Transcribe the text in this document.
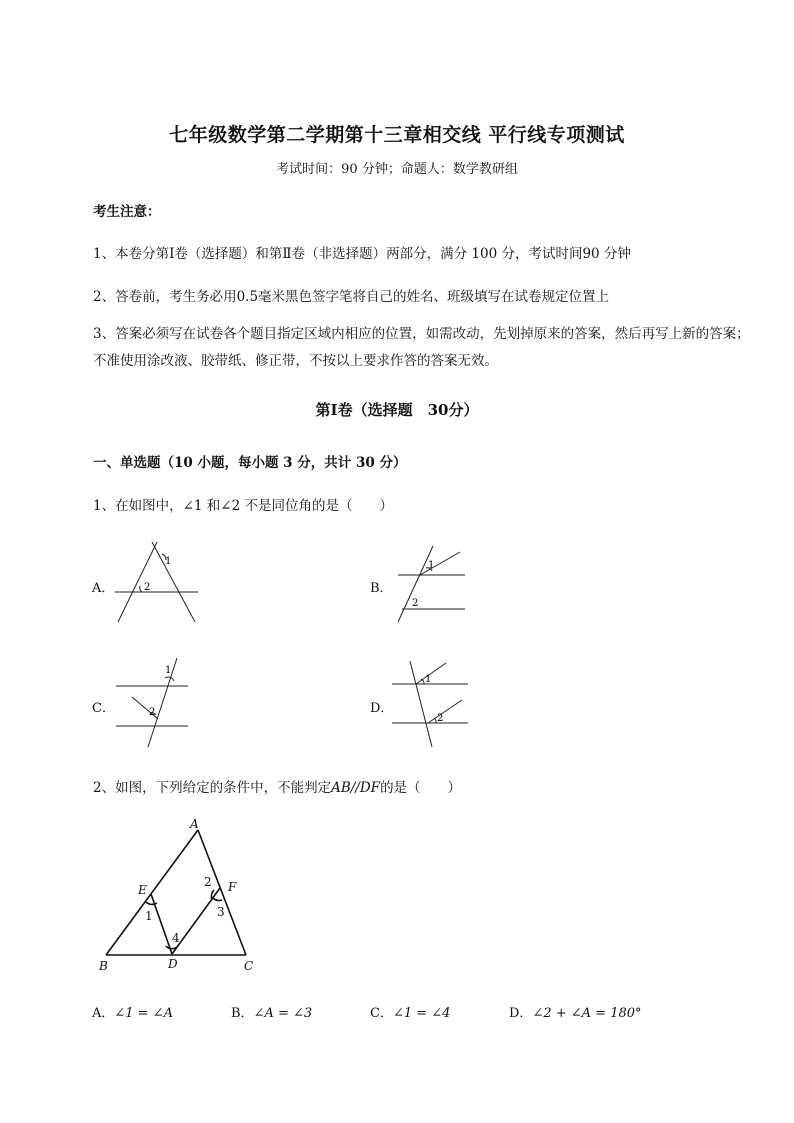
七年级数学第二学期第十三章相交线 平行线专项测试
考试时间：90 分钟；命题人：数学教研组
考生注意：
1、本卷分第Ⅰ卷（选择题）和第Ⅱ卷（非选择题）两部分，满分 100 分，考试时间90 分钟
2、答卷前，考生务必用0.5毫米黑色签字笔将自己的姓名、班级填写在试卷规定位置上
3、答案必须写在试卷各个题目指定区域内相应的位置，如需改动，先划掉原来的答案，然后再写上新的答案；不准使用涂改液、胶带纸、修正带，不按以上要求作答的答案无效。
第Ⅰ卷（选择题　30分）
一、单选题（10 小题，每小题 3 分，共计 30 分）
1、在如图中，∠1 和∠2 不是同位角的是（　　）
A．	B．
C．	D．
1
2
1
2
1
2
1
2
2、如图，下列给定的条件中，不能判定AB//DF的是（　　）
A
B	C
D
E	F
1
2
3
4
A．∠1 = ∠A	B．∠A = ∠3	C．∠1 = ∠4	D．∠2 + ∠A = 180°
